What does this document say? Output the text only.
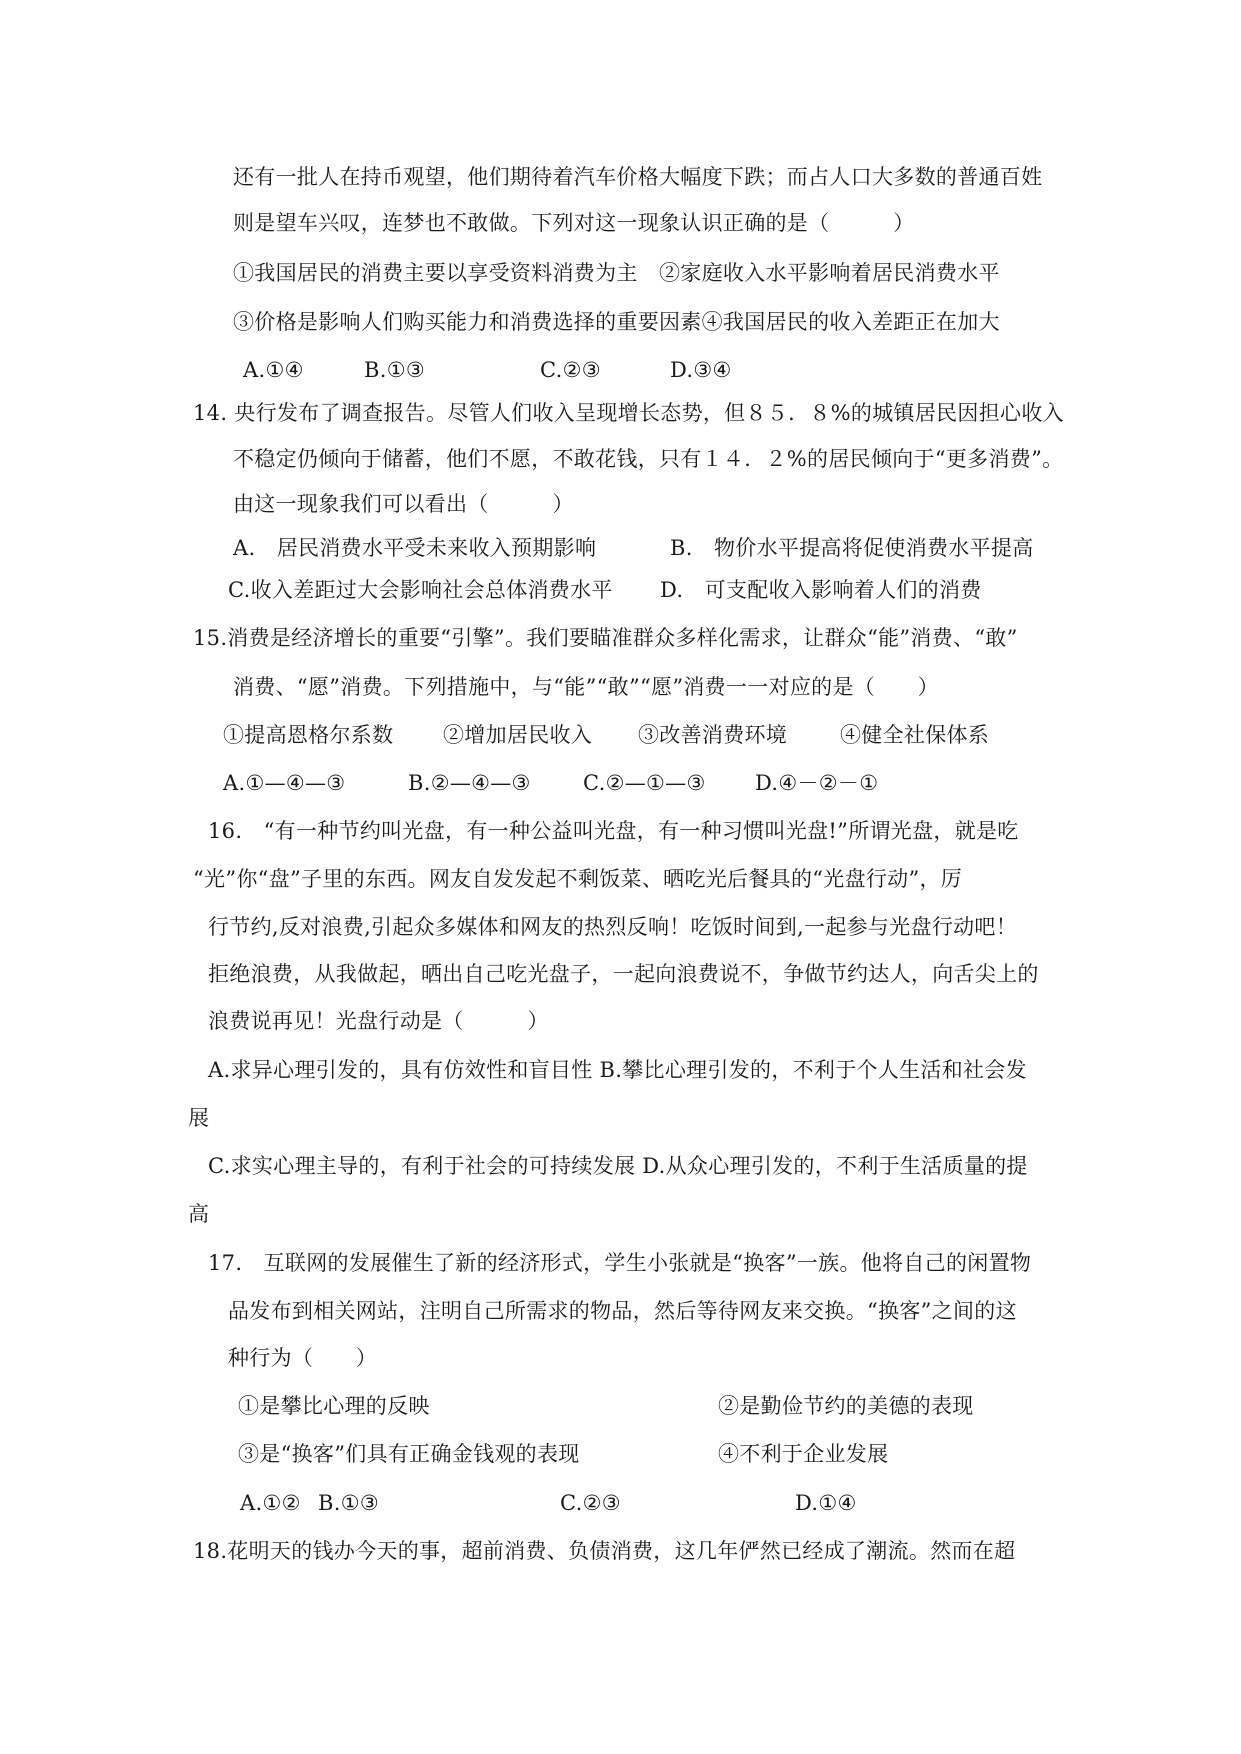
还有一批人在持币观望，他们期待着汽车价格大幅度下跌；而占人口大多数的普通百姓
则是望车兴叹，连梦也不敢做。下列对这一现象认识正确的是（　　　）
①我国居民的消费主要以享受资料消费为主　②家庭收入水平影响着居民消费水平
③价格是影响人们购买能力和消费选择的重要因素④我国居民的收入差距正在加大
A.①④	B.①③	C.②③	D.③④
14. 央行发布了调查报告。尽管人们收入呈现增长态势，但８５．８%的城镇居民因担心收入
不稳定仍倾向于储蓄，他们不愿，不敢花钱，只有１４．２%的居民倾向于“更多消费”。
由这一现象我们可以看出（　　　）
A.　居民消费水平受未来收入预期影响	B.　物价水平提高将促使消费水平提高
C.收入差距过大会影响社会总体消费水平 D.　可支配收入影响着人们的消费
15.消费是经济增长的重要“引擎”。我们要瞄准群众多样化需求，让群众“能”消费、“敢”
消费、“愿”消费。下列措施中，与“能”“敢”“愿”消费一一对应的是（　　）
①提高恩格尔系数 ②增加居民收入 ③改善消费环境	④健全社保体系
A.①—④—③	B.②—④—③ C.②—①—③ D.④－②－①
16.　“有一种节约叫光盘，有一种公益叫光盘，有一种习惯叫光盘!”所谓光盘，就是吃
“光”你“盘”子里的东西。网友自发发起不剩饭菜、晒吃光后餐具的“光盘行动”，厉
行节约,反对浪费,引起众多媒体和网友的热烈反响！吃饭时间到,一起参与光盘行动吧！
拒绝浪费，从我做起，晒出自己吃光盘子，一起向浪费说不，争做节约达人，向舌尖上的
浪费说再见！光盘行动是（　　　）
A.求异心理引发的，具有仿效性和盲目性 B.攀比心理引发的，不利于个人生活和社会发
展
C.求实心理主导的，有利于社会的可持续发展 D.从众心理引发的，不利于生活质量的提
高
17.　互联网的发展催生了新的经济形式，学生小张就是“换客”一族。他将自己的闲置物
品发布到相关网站，注明自己所需求的物品，然后等待网友来交换。“换客”之间的这
种行为（　　）
①是攀比心理的反映	②是勤俭节约的美德的表现
③是“换客”们具有正确金钱观的表现	④不利于企业发展
A.①② B.①③	C.②③	D.①④
18.花明天的钱办今天的事，超前消费、负债消费，这几年俨然已经成了潮流。然而在超
